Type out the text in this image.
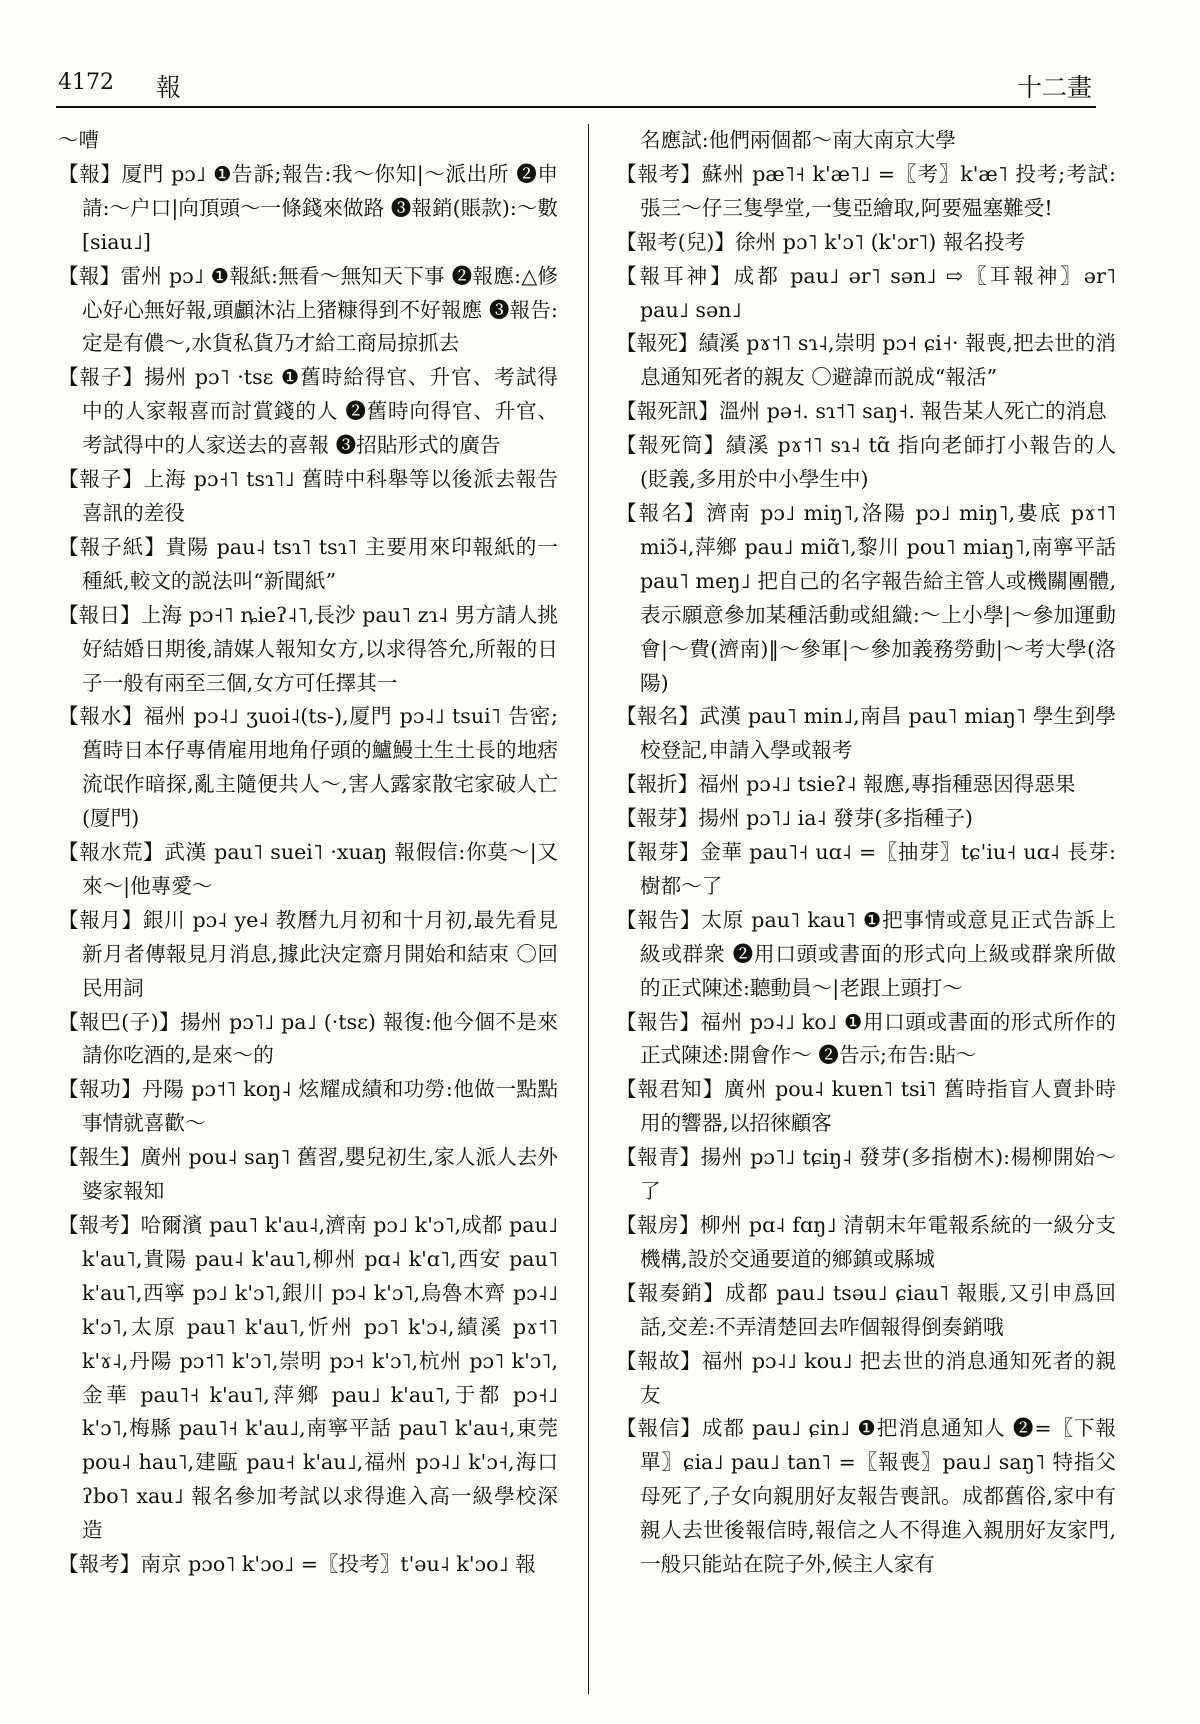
4172 報	十二畫
～嘈
【報】厦門 pɔ˩ ❶告訴;報告:我～你知|～派出所 ❷申請:～户口|向頂頭～一條錢來做路 ❸報銷(賬款):～數[siau˩]
【報】雷州 pɔ˩ ❶報紙:無看～無知天下事 ❷報應:△修心好心無好報,頭顱沐沾上猪糠得到不好報應 ❸報告:定是有儂～,水貨私貨乃才給工商局掠抓去
【報子】揚州 pɔ˥ ·tsɛ ❶舊時給得官、升官、考試得中的人家報喜而討賞錢的人 ❷舊時向得官、升官、考試得中的人家送去的喜報 ❸招貼形式的廣告
【報子】上海 pɔ˧˥ tsɿ˥˩ 舊時中科舉等以後派去報告喜訊的差役
【報子紙】貴陽 pau˨ tsɿ˥ tsɿ˥ 主要用來印報紙的一種紙,較文的説法叫“新聞紙”
【報日】上海 pɔ˧˥ ȵieʔ˨˥,長沙 pau˥ zɿ˨ 男方請人挑好結婚日期後,請媒人報知女方,以求得答允,所報的日子一般有兩至三個,女方可任擇其一
【報水】福州 pɔ˨˩ ʒuoi˨(ts-),厦門 pɔ˨˩ tsui˥ 告密;舊時日本仔專倩雇用地角仔頭的鱸鰻土生土長的地痞流氓作暗探,亂主隨便共人～,害人露家散宅家破人亡(厦門)
【報水荒】武漢 pau˥ suei˥ ·xuaŋ 報假信:你莫～|又來～|他專愛～
【報月】銀川 pɔ˨ ye˨ 教曆九月初和十月初,最先看見新月者傳報見月消息,據此決定齋月開始和結束 〇回民用詞
【報巴(子)】揚州 pɔ˥˩ pa˩ (·tsɛ) 報復:他今個不是來請你吃酒的,是來～的
【報功】丹陽 pɔ˦˥ koŋ˨ 炫耀成績和功勞:他做一點點事情就喜歡～
【報生】廣州 pou˨ saŋ˥ 舊習,嬰兒初生,家人派人去外婆家報知
【報考】哈爾濱 pau˥ k'au˨,濟南 pɔ˩ k'ɔ˥,成都 pau˩ k'au˥,貴陽 pau˨ k'au˥,柳州 pɑ˨ k'ɑ˥,西安 pau˥ k'au˥,西寧 pɔ˩ k'ɔ˥,銀川 pɔ˨ k'ɔ˥,烏魯木齊 pɔ˨˩ k'ɔ˥,太原 pau˥ k'au˥,忻州 pɔ˥ k'ɔ˨,績溪 pɤ˦˥ k'ɤ˨,丹陽 pɔ˦˥ k'ɔ˥,崇明 pɔ˧ k'ɔ˥,杭州 pɔ˥ k'ɔ˥,金華 pau˥˧ k'au˥,萍鄉 pau˩ k'au˥,于都 pɔ˧˩ k'ɔ˥,梅縣 pau˥˧ k'au˩,南寧平話 pau˥ k'au˧,東莞 pou˨ hau˥,建甌 pau˧ k'au˩,福州 pɔ˨˩ k'ɔ˧,海口 ʔbo˥ xau˩ 報名參加考試以求得進入高一級學校深造
【報考】南京 pɔo˥ k'ɔo˩ =〖投考〗t'əu˨ k'ɔo˩ 報
名應試:他們兩個都～南大南京大學
【報考】蘇州 pæ˥˧ k'æ˥˩ =〖考〗k'æ˥ 投考;考試:張三～仔三隻學堂,一隻亞繪取,阿要殟塞難受!
【報考(兒)】徐州 pɔ˥ k'ɔ˥ (k'ɔr˥) 報名投考
【報耳神】成都 pau˩ ər˥ sən˩ ⇨〖耳報神〗ər˥ pau˩ sən˩
【報死】績溪 pɤ˦˥ sɿ˨,崇明 pɔ˧ ɕi˧· 報喪,把去世的消息通知死者的親友 〇避諱而説成“報活”
【報死訊】溫州 pə˧. sɿ˦˥ saŋ˧. 報告某人死亡的消息
【報死筒】績溪 pɤ˦˥ sɿ˨ tɑ̃ 指向老師打小報告的人(貶義,多用於中小學生中)
【報名】濟南 pɔ˩ miŋ˥,洛陽 pɔ˩ miŋ˥,婁底 pɤ˦˥ miɔ̃˨,萍鄉 pau˩ miɑ̃˥,黎川 pou˥ miaŋ˥,南寧平話 pau˥ meŋ˩ 把自己的名字報告給主管人或機關團體,表示願意參加某種活動或組織:～上小學|～參加運動會|～費(濟南)‖～參軍|～參加義務勞動|～考大學(洛陽)
【報名】武漢 pau˥ min˩,南昌 pau˥ miaŋ˥ 學生到學校登記,申請入學或報考
【報折】福州 pɔ˨˩ tsieʔ˨ 報應,專指種惡因得惡果
【報芽】揚州 pɔ˥˩ ia˨ 發芽(多指種子)
【報芽】金華 pau˥˧ uɑ˨ =〖抽芽〗tɕ'iu˧ uɑ˨ 長芽:樹都～了
【報告】太原 pau˥ kau˥ ❶把事情或意見正式告訴上級或群衆 ❷用口頭或書面的形式向上級或群衆所做的正式陳述:聽動員～|老跟上頭打～
【報告】福州 pɔ˨˩ ko˩ ❶用口頭或書面的形式所作的正式陳述:開會作～ ❷告示;布告:貼～
【報君知】廣州 pou˨ kuɐn˥ tsi˥ 舊時指盲人賣卦時用的響器,以招徠顧客
【報青】揚州 pɔ˥˩ tɕiŋ˨ 發芽(多指樹木):楊柳開始～了
【報房】柳州 pɑ˨ fɑŋ˩ 清朝末年電報系統的一級分支機構,設於交通要道的鄉鎮或縣城
【報奏銷】成都 pau˩ tsəu˩ ɕiau˥ 報賬,又引申爲回話,交差:不弄清楚回去咋個報得倒奏銷哦
【報故】福州 pɔ˨˩ kou˩ 把去世的消息通知死者的親友
【報信】成都 pau˩ ɕin˩ ❶把消息通知人 ❷=〖下報單〗ɕia˩ pau˩ tan˥ =〖報喪〗pau˩ saŋ˥ 特指父母死了,子女向親朋好友報告喪訊。成都舊俗,家中有親人去世後報信時,報信之人不得進入親朋好友家門,一般只能站在院子外,候主人家有
